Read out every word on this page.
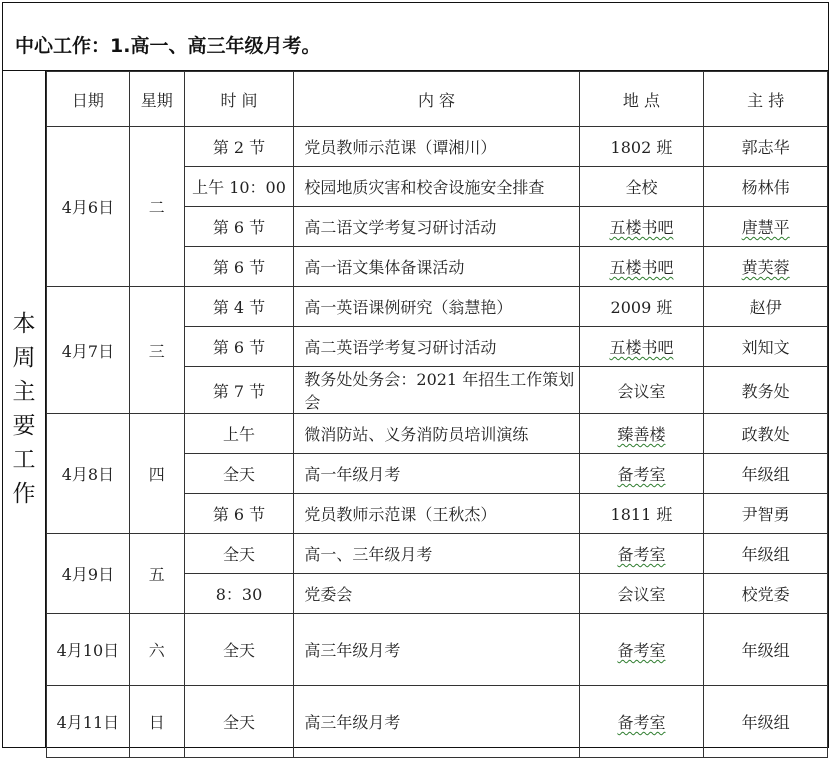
中心工作：1.高一、高三年级月考。
本
周
主
要
工
作
日期	星期	时 间	内 容	地 点	主 持
4月6日	二	第 2 节	党员教师示范课（谭湘川）	1802 班	郭志华
		上午 10：00	校园地质灾害和校舍设施安全排查	全校	杨林伟
		第 6 节	高二语文学考复习研讨活动	五楼书吧	唐慧平
		第 6 节	高一语文集体备课活动	五楼书吧	黄芙蓉
4月7日	三	第 4 节	高一英语课例研究（翁慧艳）	2009 班	赵伊
		第 6 节	高二英语学考复习研讨活动	五楼书吧	刘知文
		第 7 节	教务处处务会：2021 年招生工作策划会	会议室	教务处
4月8日	四	上午	微消防站、义务消防员培训演练	臻善楼	政教处
		全天	高一年级月考	备考室	年级组
		第 6 节	党员教师示范课（王秋杰）	1811 班	尹智勇
4月9日	五	全天	高一、三年级月考	备考室	年级组
		8：30	党委会	会议室	校党委
4月10日	六	全天	高三年级月考	备考室	年级组
4月11日	日	全天	高三年级月考	备考室	年级组
